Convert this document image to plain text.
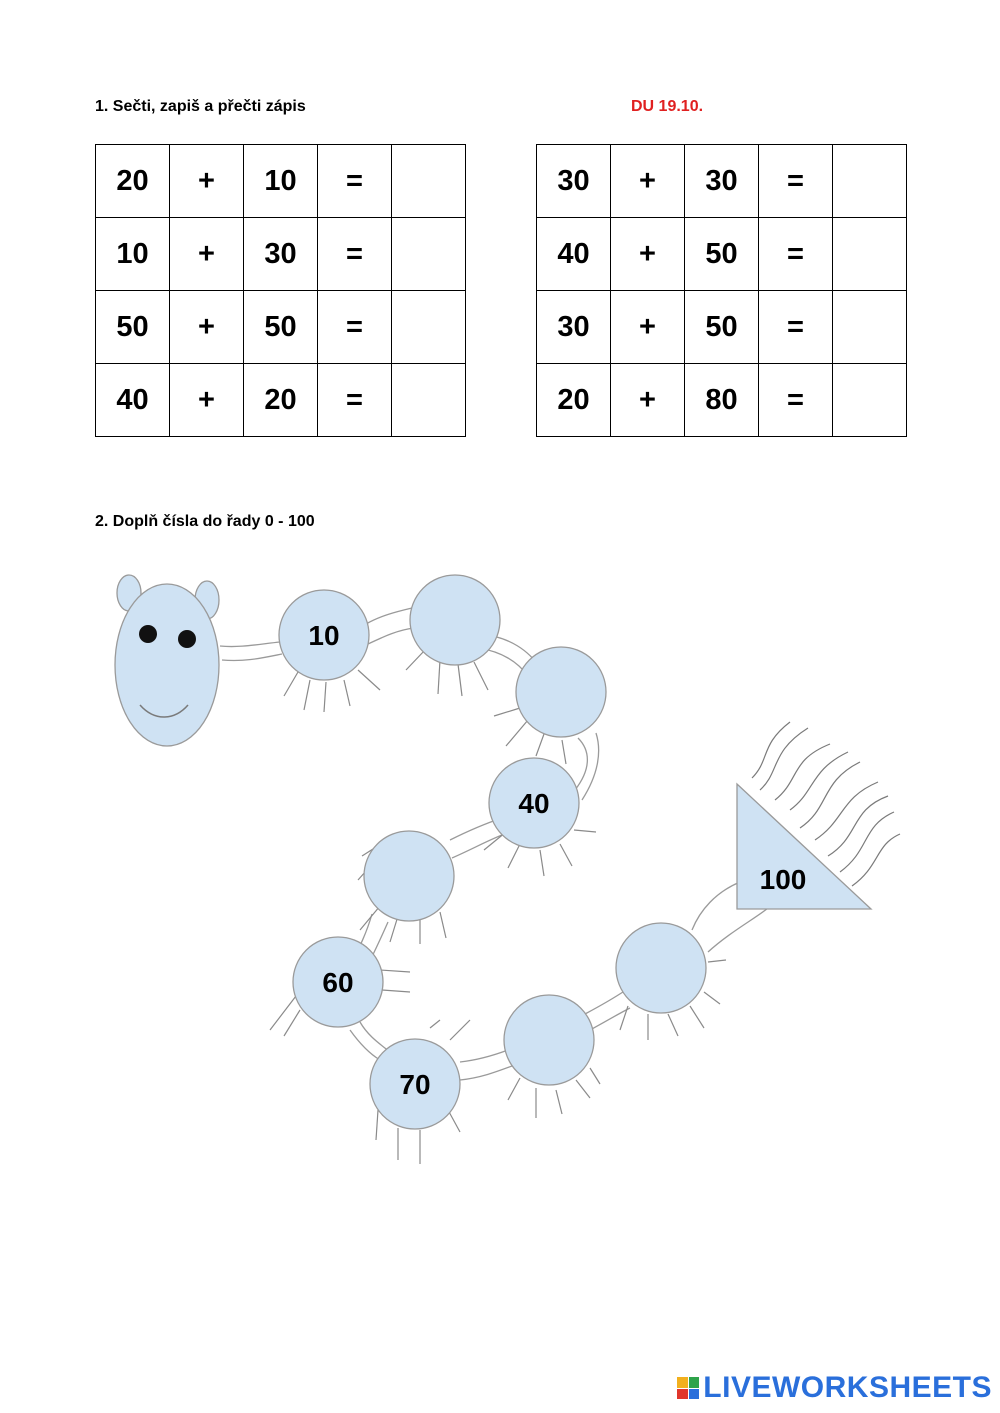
1. Sečti, zapiš a přečti zápis	DU 19.10.

20	+	10	=	
10	+	30	=	
50	+	50	=	
40	+	20	=	
30	+	30	=	
40	+	50	=	
30	+	50	=	
20	+	80	=	

2. Doplň čísla do řady 0 - 100

10
40
60
70
100
LIVEWORKSHEETS
